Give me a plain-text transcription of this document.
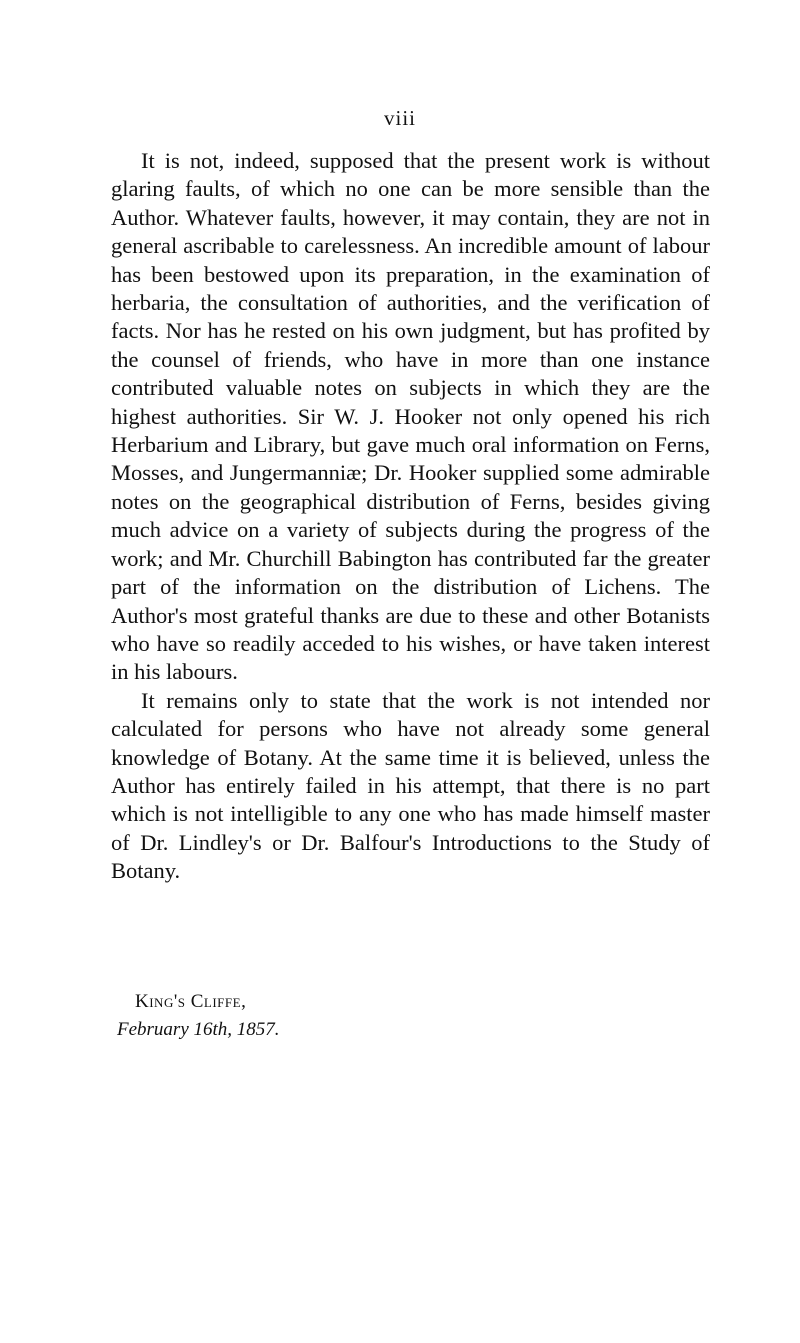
viii

It is not, indeed, supposed that the present work is without glaring faults, of which no one can be more sensible than the Author. Whatever faults, however, it may contain, they are not in general ascribable to carelessness. An incredible amount of labour has been bestowed upon its preparation, in the examination of herbaria, the consultation of authorities, and the verification of facts. Nor has he rested on his own judgment, but has profited by the counsel of friends, who have in more than one instance contributed valuable notes on subjects in which they are the highest authorities. Sir W. J. Hooker not only opened his rich Herbarium and Library, but gave much oral information on Ferns, Mosses, and Jungermanniæ; Dr. Hooker supplied some admirable notes on the geographical distribution of Ferns, besides giving much advice on a variety of subjects during the progress of the work; and Mr. Churchill Babington has contributed far the greater part of the information on the distribution of Lichens. The Author's most grateful thanks are due to these and other Botanists who have so readily acceded to his wishes, or have taken interest in his labours.

It remains only to state that the work is not intended nor calculated for persons who have not already some general knowledge of Botany. At the same time it is believed, unless the Author has entirely failed in his attempt, that there is no part which is not intelligible to any one who has made himself master of Dr. Lindley's or Dr. Balfour's Introductions to the Study of Botany.

King's Cliffe,

February 16th, 1857.
